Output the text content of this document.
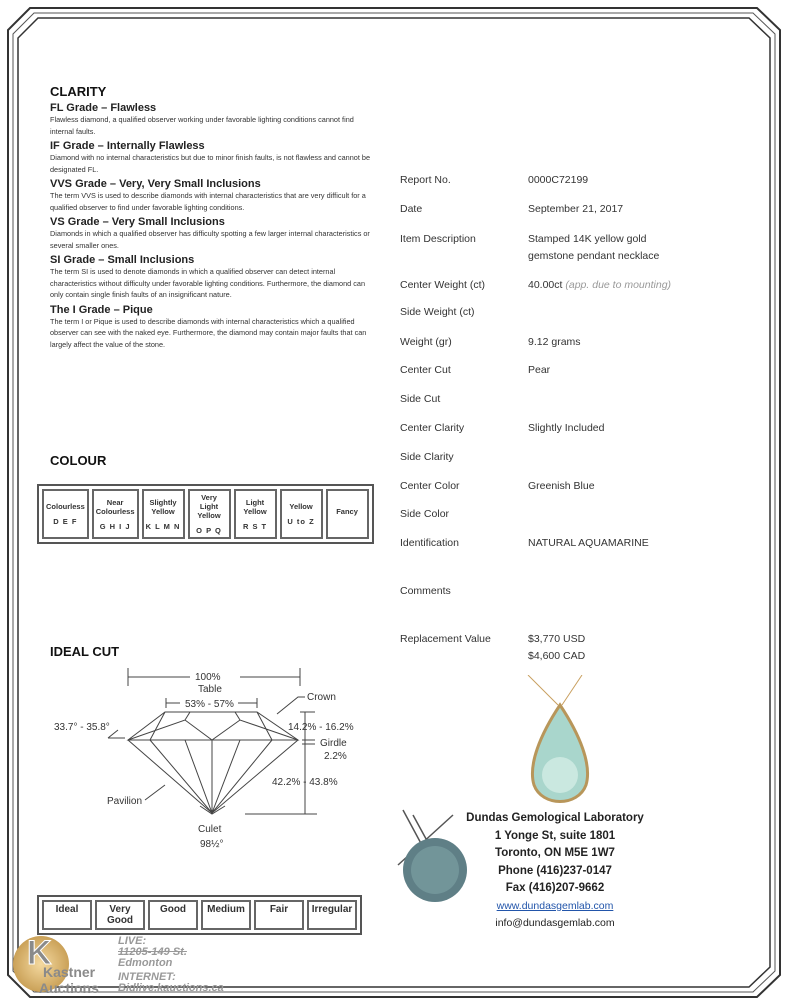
CLARITY
FL Grade – Flawless
Flawless diamond, a qualified observer working under favorable lighting conditions cannot find internal faults.
IF Grade – Internally Flawless
Diamond with no internal characteristics but due to minor finish faults, is not flawless and cannot be designated FL.
VVS Grade – Very, Very Small Inclusions
The term VVS is used to describe diamonds with internal characteristics that are very difficult for a qualified observer to find under favorable lighting conditions.
VS Grade – Very Small Inclusions
Diamonds in which a qualified observer has difficulty spotting a few larger internal characteristics or several smaller ones.
SI Grade – Small Inclusions
The term SI is used to denote diamonds in which a qualified observer can detect internal characteristics without difficulty under favorable lighting conditions. Furthermore, the diamond can only contain single finish faults of an insignificant nature.
The I Grade – Pique
The term I or Pique is used to describe diamonds with internal characteristics which a qualified observer can see with the naked eye. Furthermore, the diamond may contain major faults that can largely affect the value of the stone.
COLOUR
Colourless
D E F

Near Colourless
G H I J

Slightly Yellow
K L M N

Very Light Yellow
O P Q

Light Yellow
R S T

Yellow
U to Z

Fancy
IDEAL CUT
100%
Table
53% - 57%
Crown
33.7° - 35.8°	14.2% - 16.2%
Girdle
2.2%
42.2% - 43.8%
Pavilion
Culet
98½°
Ideal	Very Good	Good	Medium	Fair	Irregular
Report No.	0000C72199
Date	September 21, 2017
Item Description	Stamped 14K yellow gold
gemstone pendant necklace
Center Weight (ct)	40.00ct (app. due to mounting)
Side Weight (ct)
Weight (gr)	9.12 grams
Center Cut	Pear
Side Cut
Center Clarity	Slightly Included
Side Clarity
Center Color	Greenish Blue
Side Color
Identification	NATURAL AQUAMARINE
Comments
Replacement Value	$3,770 USD
$4,600 CAD
Dundas Gemological Laboratory
1 Yonge St, suite 1801
Toronto, ON M5E 1W7
Phone (416)237-0147
Fax (416)207-9662
www.dundasgemlab.com
info@dundasgemlab.com
K
Kastner
Auctions
LIVE:
11205-149 St.
Edmonton
INTERNET:
Bidlive.kauctions.ca
